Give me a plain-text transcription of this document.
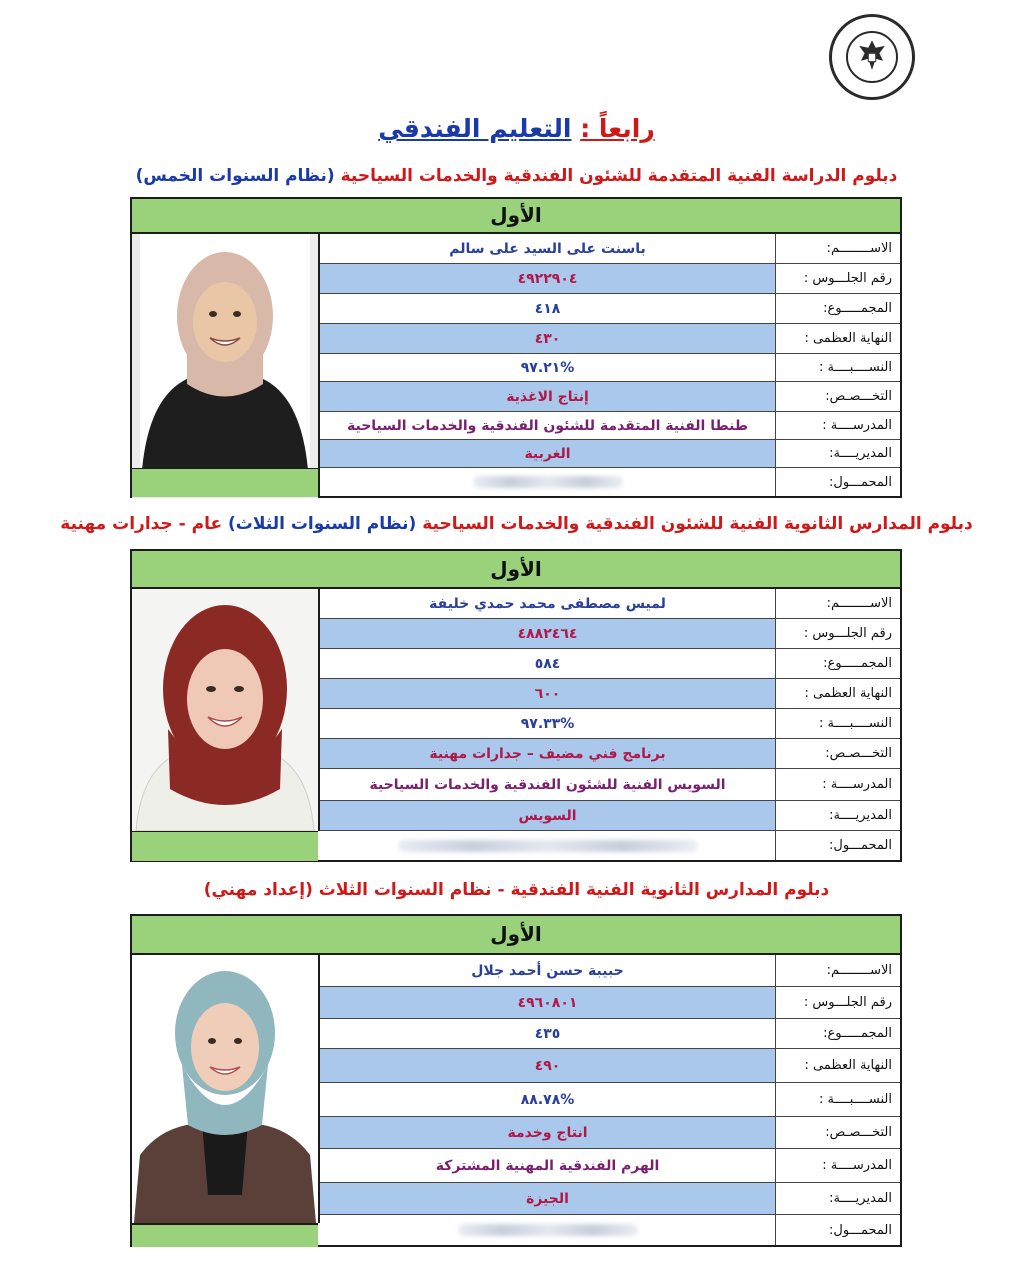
رابعاً : التعليم الفندقي
دبلوم الدراسة الفنية المتقدمة للشئون الفندقية والخدمات السياحية (نظام السنوات الخمس)
الأول
باسنت على السيد على سالم	الاســــــــم:
٤٩٢٢٩٠٤	رقم الجلـــوس :
٤١٨	المجمـــــوع:
٤٣٠	النهاية العظمى :
%٩٧.٢١	النســــبــــة :
إنتاج الاغذية	التخـــصـص:
طنطا الفنية المتقدمة للشئون الفندقية والخدمات السياحية	المدرســــة :
الغربية	المديريــــة:
المحمـــول:
دبلوم المدارس الثانوية الفنية للشئون الفندقية والخدمات السياحية (نظام السنوات الثلاث) عام - جدارات مهنية
الأول
لميس مصطفى محمد حمدي خليفة	الاســــــــم:
٤٨٨٢٤٦٤	رقم الجلـــوس :
٥٨٤	المجمـــــوع:
٦٠٠	النهاية العظمى :
%٩٧.٣٣	النســــبــــة :
برنامج فني مضيف – جدارات مهنية	التخـــصـص:
السويس الفنية للشئون الفندقية والخدمات السياحية	المدرســــة :
السويس	المديريــــة:
المحمـــول:
دبلوم المدارس الثانوية الفنية الفندقية - نظام السنوات الثلاث (إعداد مهني)
الأول
حبيبة حسن أحمد جلال	الاســــــــم:
٤٩٦٠٨٠١	رقم الجلـــوس :
٤٣٥	المجمـــــوع:
٤٩٠	النهاية العظمى :
%٨٨.٧٨	النســــبــــة :
انتاج وخدمة	التخـــصـص:
الهرم الفندقية المهنية المشتركة	المدرســــة :
الجيزة	المديريــــة:
المحمـــول:
